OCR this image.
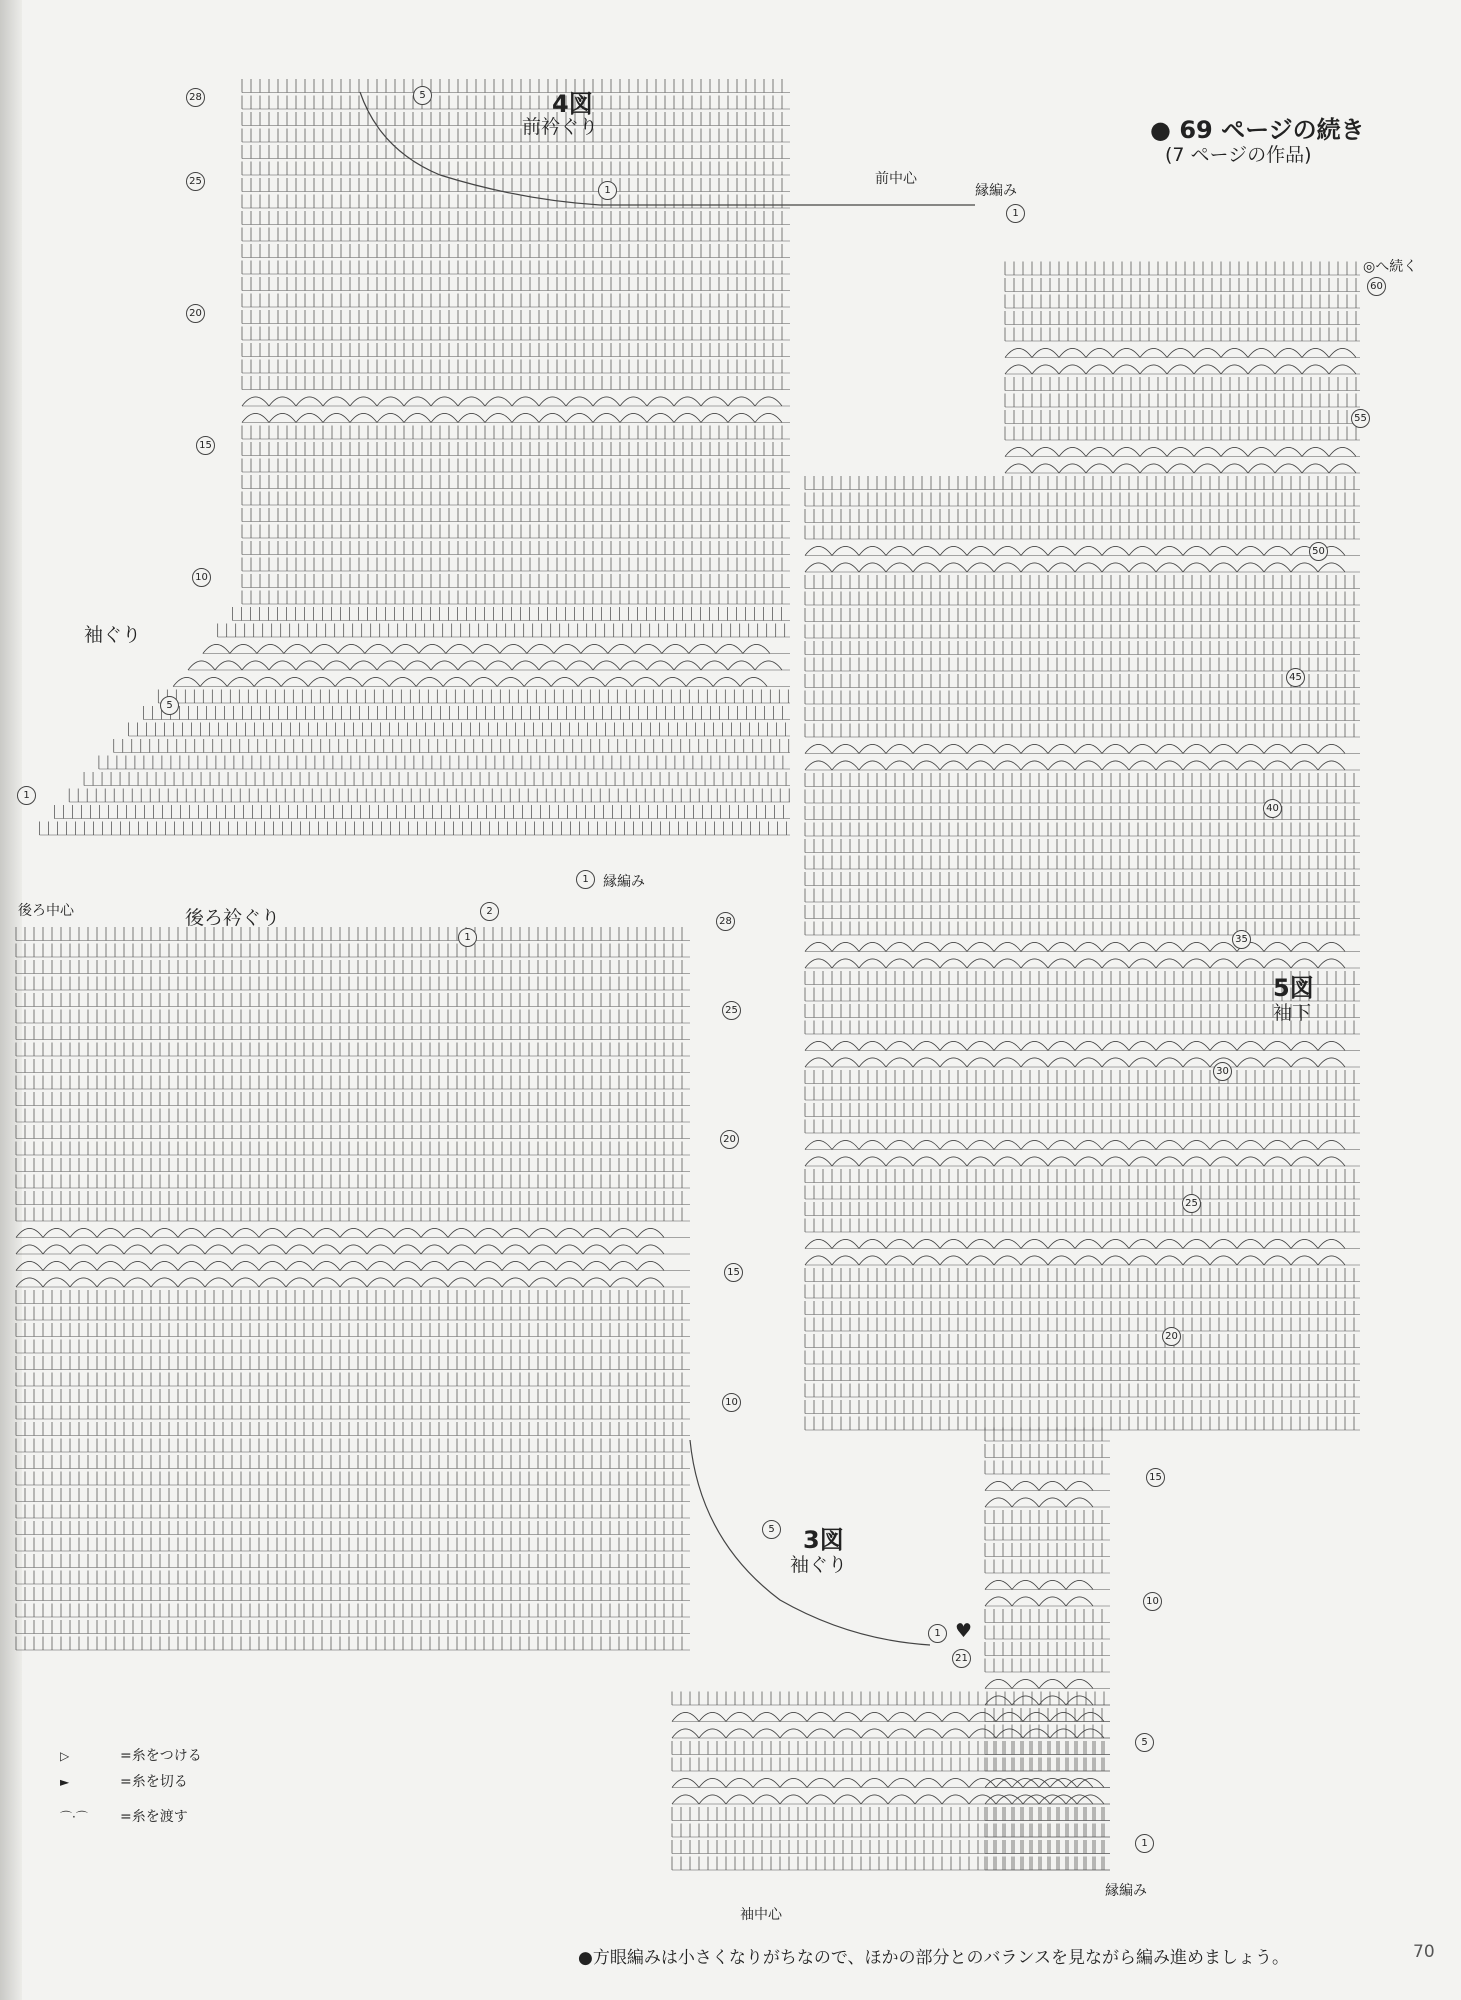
● 69 ページの続き
(7 ページの作品)
4図
前衿ぐり
前中心
縁編み
袖ぐり
後ろ衿ぐり
後ろ中心
縁編み
3図
袖ぐり
♥
5図
袖下
◎へ続く
袖中心
縁編み
28
25
20
15
10
5
1
5
1
1
28
25
20
15
10
5
1
21
1
2
1
60
55
50
45
40
35
30
25
20
15
10
5
1
▷	=糸をつける
►	=糸を切る
⌒·⌒ =糸を渡す
●方眼編みは小さくなりがちなので、ほかの部分とのバランスを見ながら編み進めましょう。	70
